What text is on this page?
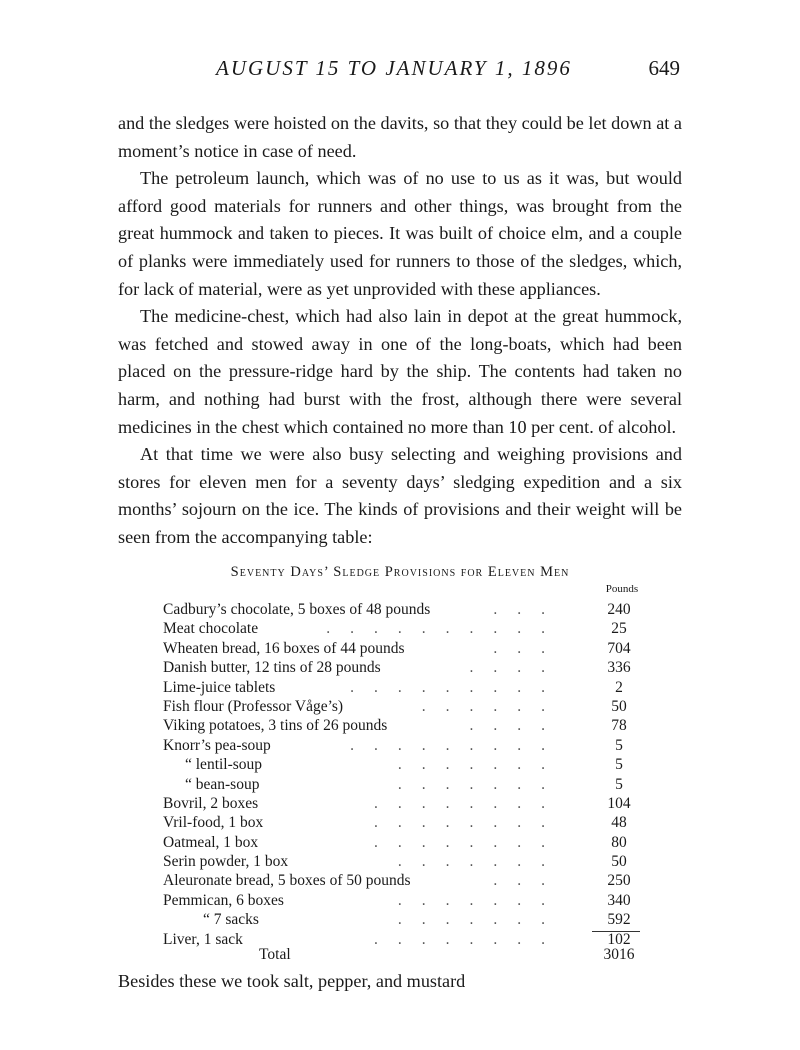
AUGUST 15 TO JANUARY 1, 1896	649

and the sledges were hoisted on the davits, so that they could be let down at a moment’s notice in case of need.

The petroleum launch, which was of no use to us as it was, but would afford good materials for runners and other things, was brought from the great hummock and taken to pieces. It was built of choice elm, and a couple of planks were immediately used for runners to those of the sledges, which, for lack of material, were as yet unprovided with these appliances.

The medicine-chest, which had also lain in depot at the great hummock, was fetched and stowed away in one of the long-boats, which had been placed on the pressure-ridge hard by the ship. The contents had taken no harm, and nothing had burst with the frost, although there were several medicines in the chest which contained no more than 10 per cent. of alcohol.

At that time we were also busy selecting and weighing provisions and stores for eleven men for a seventy days’ sledging expedition and a six months’ sojourn on the ice. The kinds of provisions and their weight will be seen from the accompanying table:

Seventy Days’ Sledge Provisions for Eleven Men
Pounds
Cadbury’s chocolate, 5 boxes of 48 pounds	...	240
Meat chocolate	..........	25
Wheaten bread, 16 boxes of 44 pounds	...	704
Danish butter, 12 tins of 28 pounds	....	336
Lime-juice tablets	.........	2
Fish flour (Professor Våge’s)	......	50
Viking potatoes, 3 tins of 26 pounds	....	78
Knorr’s pea-soup	.........	5
“ lentil-soup	.......	5
“ bean-soup	.......	5
Bovril, 2 boxes	........	104
Vril-food, 1 box	........	48
Oatmeal, 1 box	........	80
Serin powder, 1 box	.......	50
Aleuronate bread, 5 boxes of 50 pounds	...	250
Pemmican, 6 boxes	.......	340
“ 7 sacks	.......	592
Liver, 1 sack	........	102
Total	3016
Besides these we took salt, pepper, and mustard
